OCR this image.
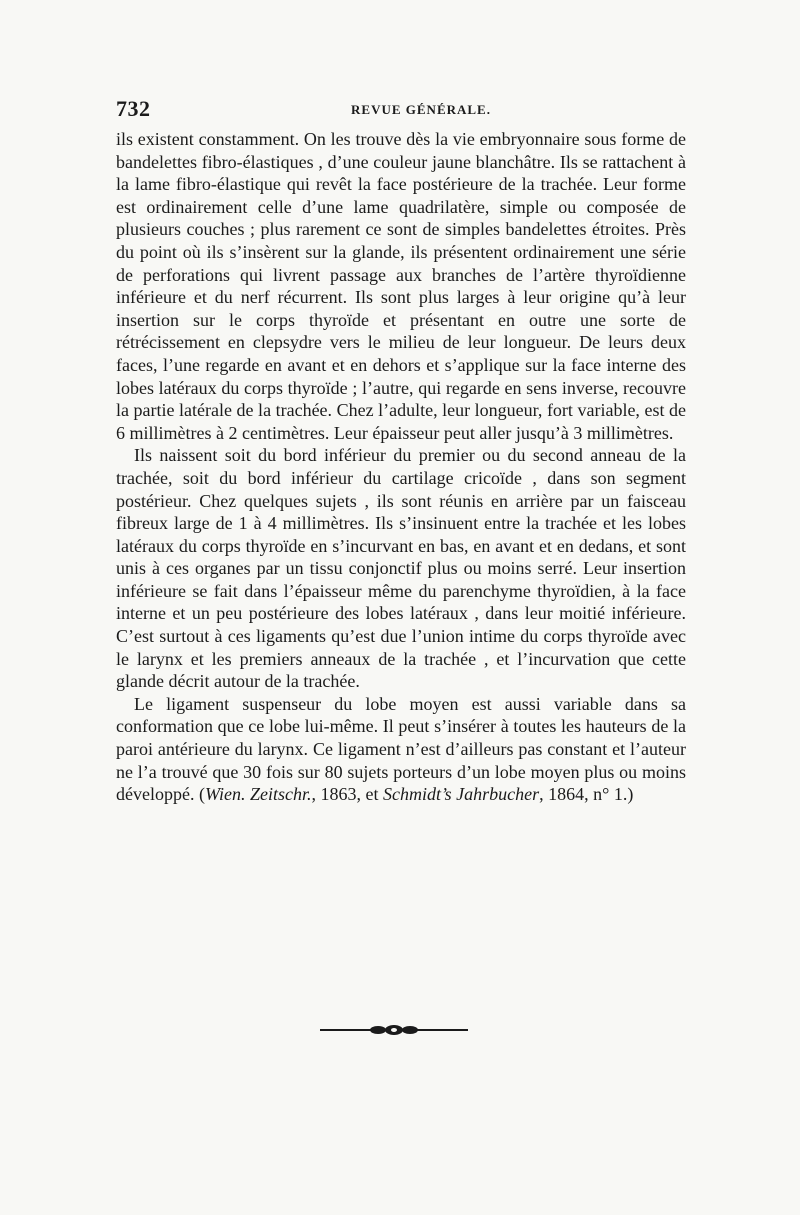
732	REVUE GÉNÉRALE.

ils existent constamment. On les trouve dès la vie embryonnaire sous forme de bandelettes fibro-élastiques , d’une couleur jaune blanchâtre. Ils se rattachent à la lame fibro-élastique qui revêt la face postérieure de la trachée. Leur forme est ordinairement celle d’une lame quadrilatère, simple ou composée de plusieurs couches ; plus rarement ce sont de simples bandelettes étroites. Près du point où ils s’insèrent sur la glande, ils présentent ordinairement une série de perforations qui livrent passage aux branches de l’artère thyroïdienne inférieure et du nerf récurrent. Ils sont plus larges à leur origine qu’à leur insertion sur le corps thyroïde et présentant en outre une sorte de rétrécissement en clepsydre vers le milieu de leur longueur. De leurs deux faces, l’une regarde en avant et en dehors et s’applique sur la face interne des lobes latéraux du corps thyroïde ; l’autre, qui regarde en sens inverse, recouvre la partie latérale de la trachée. Chez l’adulte, leur longueur, fort variable, est de 6 millimètres à 2 centimètres. Leur épaisseur peut aller jusqu’à 3 millimètres.

Ils naissent soit du bord inférieur du premier ou du second anneau de la trachée, soit du bord inférieur du cartilage cricoïde , dans son segment postérieur. Chez quelques sujets , ils sont réunis en arrière par un faisceau fibreux large de 1 à 4 millimètres. Ils s’insinuent entre la trachée et les lobes latéraux du corps thyroïde en s’incurvant en bas, en avant et en dedans, et sont unis à ces organes par un tissu conjonctif plus ou moins serré. Leur insertion inférieure se fait dans l’épaisseur même du parenchyme thyroïdien, à la face interne et un peu postérieure des lobes latéraux , dans leur moitié inférieure. C’est surtout à ces ligaments qu’est due l’union intime du corps thyroïde avec le larynx et les premiers anneaux de la trachée , et l’incurvation que cette glande décrit autour de la trachée.

Le ligament suspenseur du lobe moyen est aussi variable dans sa conformation que ce lobe lui-même. Il peut s’insérer à toutes les hauteurs de la paroi antérieure du larynx. Ce ligament n’est d’ailleurs pas constant et l’auteur ne l’a trouvé que 30 fois sur 80 sujets porteurs d’un lobe moyen plus ou moins développé. (Wien. Zeitschr., 1863, et Schmidt’s Jahrbucher, 1864, n° 1.)
